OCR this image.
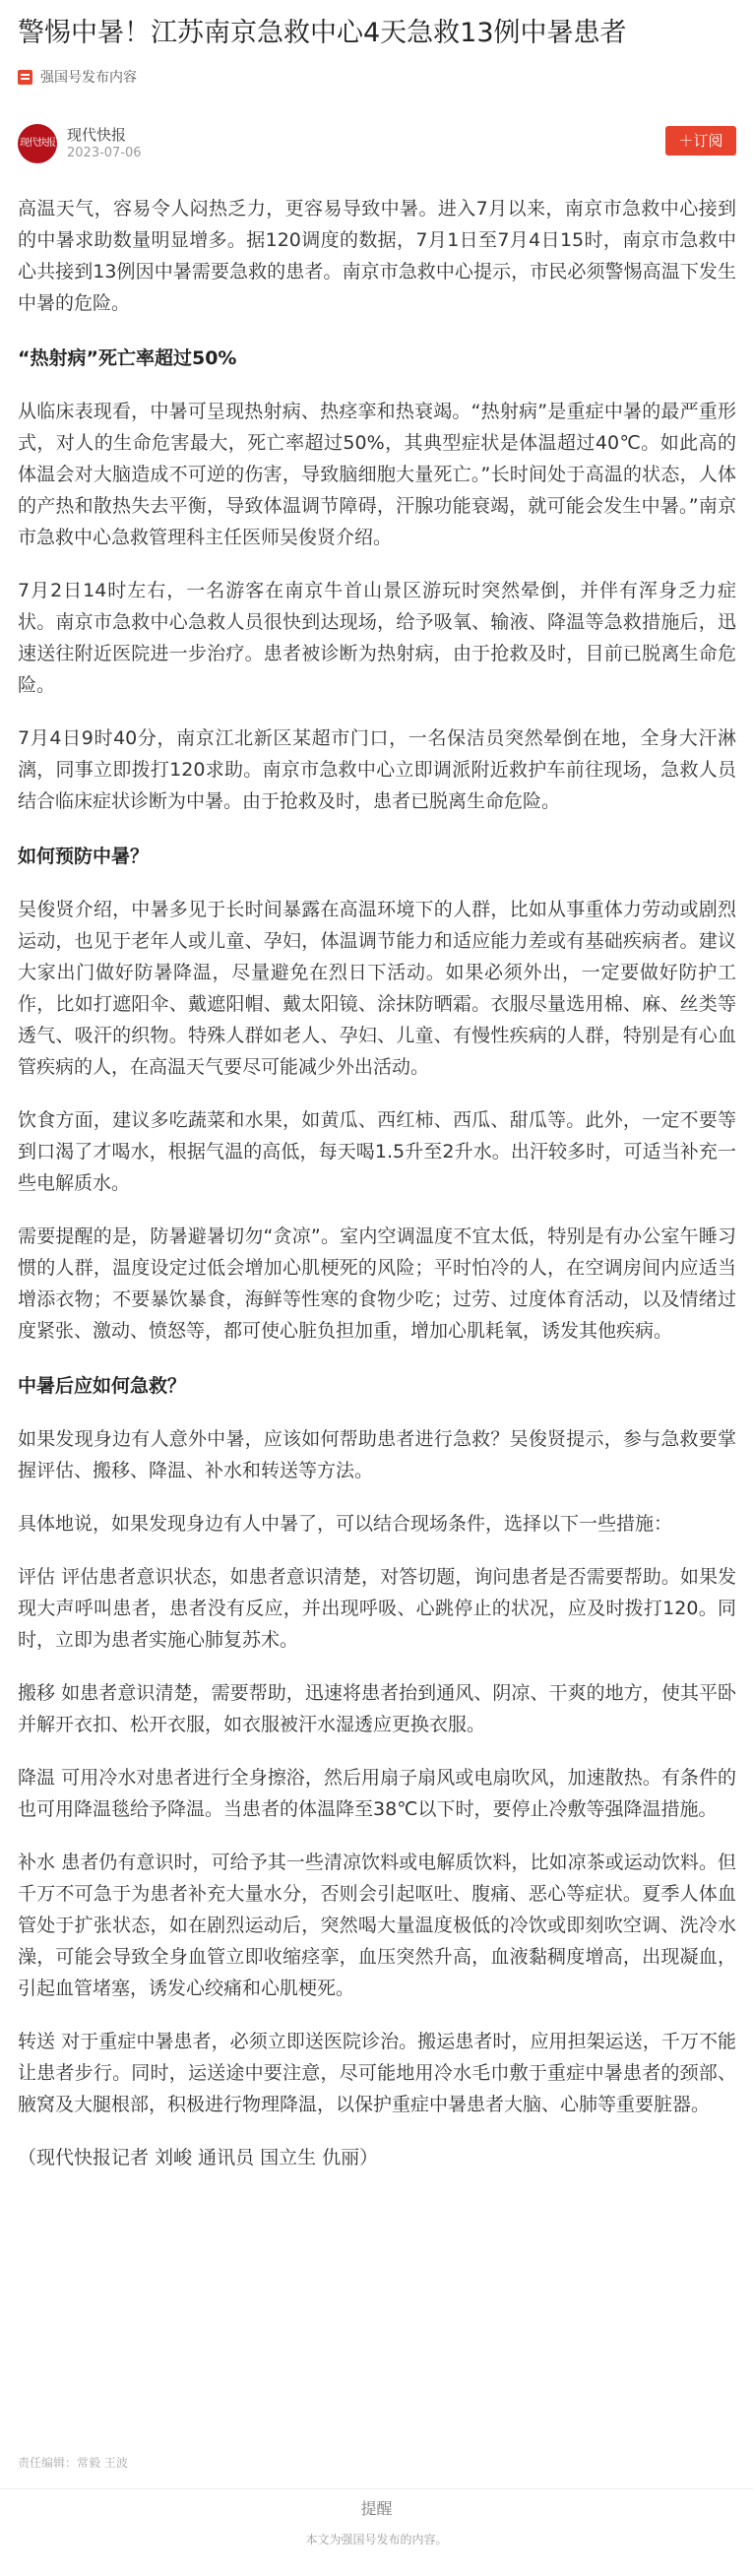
警惕中暑！江苏南京急救中心4天急救13例中暑患者
强国号发布内容
现代快报 现代快报
2023-07-06
＋订阅

高温天气，容易令人闷热乏力，更容易导致中暑。进入7月以来，南京市急救中心接到的中暑求助数量明显增多。据120调度的数据，7月1日至7月4日15时，南京市急救中心共接到13例因中暑需要急救的患者。南京市急救中心提示，市民必须警惕高温下发生中暑的危险。

“热射病”死亡率超过50%

从临床表现看，中暑可呈现热射病、热痉挛和热衰竭。“热射病”是重症中暑的最严重形式，对人的生命危害最大，死亡率超过50%，其典型症状是体温超过40℃。如此高的体温会对大脑造成不可逆的伤害，导致脑细胞大量死亡。”长时间处于高温的状态，人体的产热和散热失去平衡，导致体温调节障碍，汗腺功能衰竭，就可能会发生中暑。”南京市急救中心急救管理科主任医师吴俊贤介绍。

7月2日14时左右，一名游客在南京牛首山景区游玩时突然晕倒，并伴有浑身乏力症状。南京市急救中心急救人员很快到达现场，给予吸氧、输液、降温等急救措施后，迅速送往附近医院进一步治疗。患者被诊断为热射病，由于抢救及时，目前已脱离生命危险。

7月4日9时40分，南京江北新区某超市门口，一名保洁员突然晕倒在地，全身大汗淋漓，同事立即拨打120求助。南京市急救中心立即调派附近救护车前往现场，急救人员结合临床症状诊断为中暑。由于抢救及时，患者已脱离生命危险。

如何预防中暑？

吴俊贤介绍，中暑多见于长时间暴露在高温环境下的人群，比如从事重体力劳动或剧烈运动，也见于老年人或儿童、孕妇，体温调节能力和适应能力差或有基础疾病者。建议大家出门做好防暑降温，尽量避免在烈日下活动。如果必须外出，一定要做好防护工作，比如打遮阳伞、戴遮阳帽、戴太阳镜、涂抹防晒霜。衣服尽量选用棉、麻、丝类等透气、吸汗的织物。特殊人群如老人、孕妇、儿童、有慢性疾病的人群，特别是有心血管疾病的人，在高温天气要尽可能减少外出活动。

饮食方面，建议多吃蔬菜和水果，如黄瓜、西红柿、西瓜、甜瓜等。此外，一定不要等到口渴了才喝水，根据气温的高低，每天喝1.5升至2升水。出汗较多时，可适当补充一些电解质水。

需要提醒的是，防暑避暑切勿“贪凉”。室内空调温度不宜太低，特别是有办公室午睡习惯的人群，温度设定过低会增加心肌梗死的风险；平时怕冷的人，在空调房间内应适当增添衣物；不要暴饮暴食，海鲜等性寒的食物少吃；过劳、过度体育活动，以及情绪过度紧张、激动、愤怒等，都可使心脏负担加重，增加心肌耗氧，诱发其他疾病。

中暑后应如何急救？

如果发现身边有人意外中暑，应该如何帮助患者进行急救？吴俊贤提示，参与急救要掌握评估、搬移、降温、补水和转送等方法。

具体地说，如果发现身边有人中暑了，可以结合现场条件，选择以下一些措施：

评估 评估患者意识状态，如患者意识清楚，对答切题，询问患者是否需要帮助。如果发现大声呼叫患者，患者没有反应，并出现呼吸、心跳停止的状况，应及时拨打120。同时，立即为患者实施心肺复苏术。

搬移 如患者意识清楚，需要帮助，迅速将患者抬到通风、阴凉、干爽的地方，使其平卧并解开衣扣、松开衣服，如衣服被汗水湿透应更换衣服。

降温 可用冷水对患者进行全身擦浴，然后用扇子扇风或电扇吹风，加速散热。有条件的也可用降温毯给予降温。当患者的体温降至38℃以下时，要停止冷敷等强降温措施。

补水 患者仍有意识时，可给予其一些清凉饮料或电解质饮料，比如凉茶或运动饮料。但千万不可急于为患者补充大量水分，否则会引起呕吐、腹痛、恶心等症状。夏季人体血管处于扩张状态，如在剧烈运动后，突然喝大量温度极低的冷饮或即刻吹空调、洗冷水澡，可能会导致全身血管立即收缩痉挛，血压突然升高，血液黏稠度增高，出现凝血，引起血管堵塞，诱发心绞痛和心肌梗死。

转送 对于重症中暑患者，必须立即送医院诊治。搬运患者时，应用担架运送，千万不能让患者步行。同时，运送途中要注意，尽可能地用冷水毛巾敷于重症中暑患者的颈部、腋窝及大腿根部，积极进行物理降温，以保护重症中暑患者大脑、心肺等重要脏器。

（现代快报记者 刘峻 通讯员 国立生 仇丽）

责任编辑：常毅 王波
提醒
本文为强国号发布的内容。
